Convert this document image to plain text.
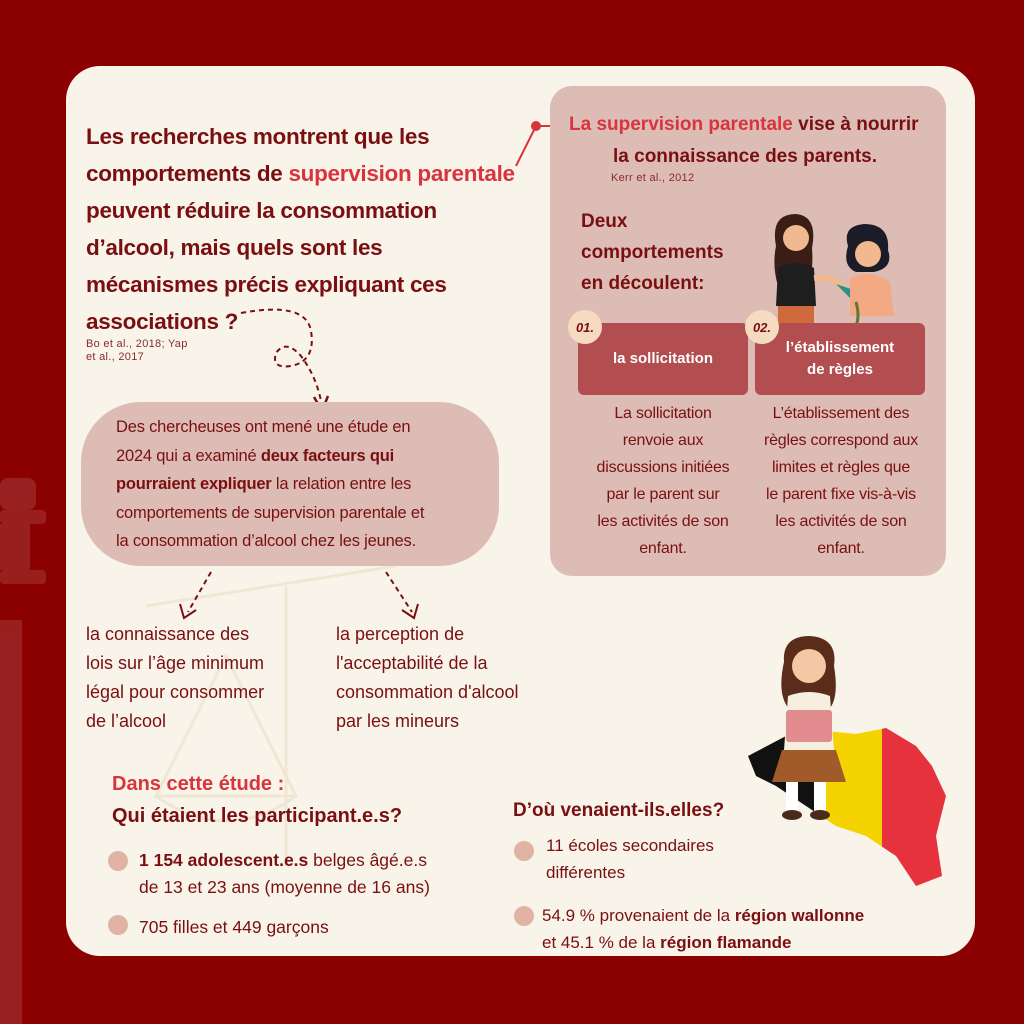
Les recherches montrent que les
comportements de supervision parentale
peuvent réduire la consommation
d’alcool, mais quels sont les
mécanismes précis expliquant ces
associations ?
Bo et al., 2018; Yap
et al., 2017
Des chercheuses ont mené une étude en
2024 qui a examiné deux facteurs qui
pourraient expliquer la relation entre les
comportements de supervision parentale et
la consommation d’alcool chez les jeunes.
la connaissance des
lois sur l’âge minimum
légal pour consommer
de l’alcool
la perception de
l'acceptabilité de la
consommation d'alcool
par les mineurs
La supervision parentale vise à nourrir
la connaissance des parents.
Kerr et al., 2012
Deux
comportements
en découlent:
la sollicitation
01.
l’établissement
de règles
02.
La sollicitation
renvoie aux
discussions initiées
par le parent sur
les activités de son
enfant.
L’établissement des
règles correspond aux
limites et règles que
le parent fixe vis-à-vis
les activités de son
enfant.
Dans cette étude :
Qui étaient les participant.e.s?
1 154 adolescent.e.s belges âgé.e.s
de 13 et 23 ans (moyenne de 16 ans)
705 filles et 449 garçons
D’où venaient-ils.elles?
11 écoles secondaires
différentes
54.9 % provenaient de la région wallonne
et 45.1 % de la région flamande
